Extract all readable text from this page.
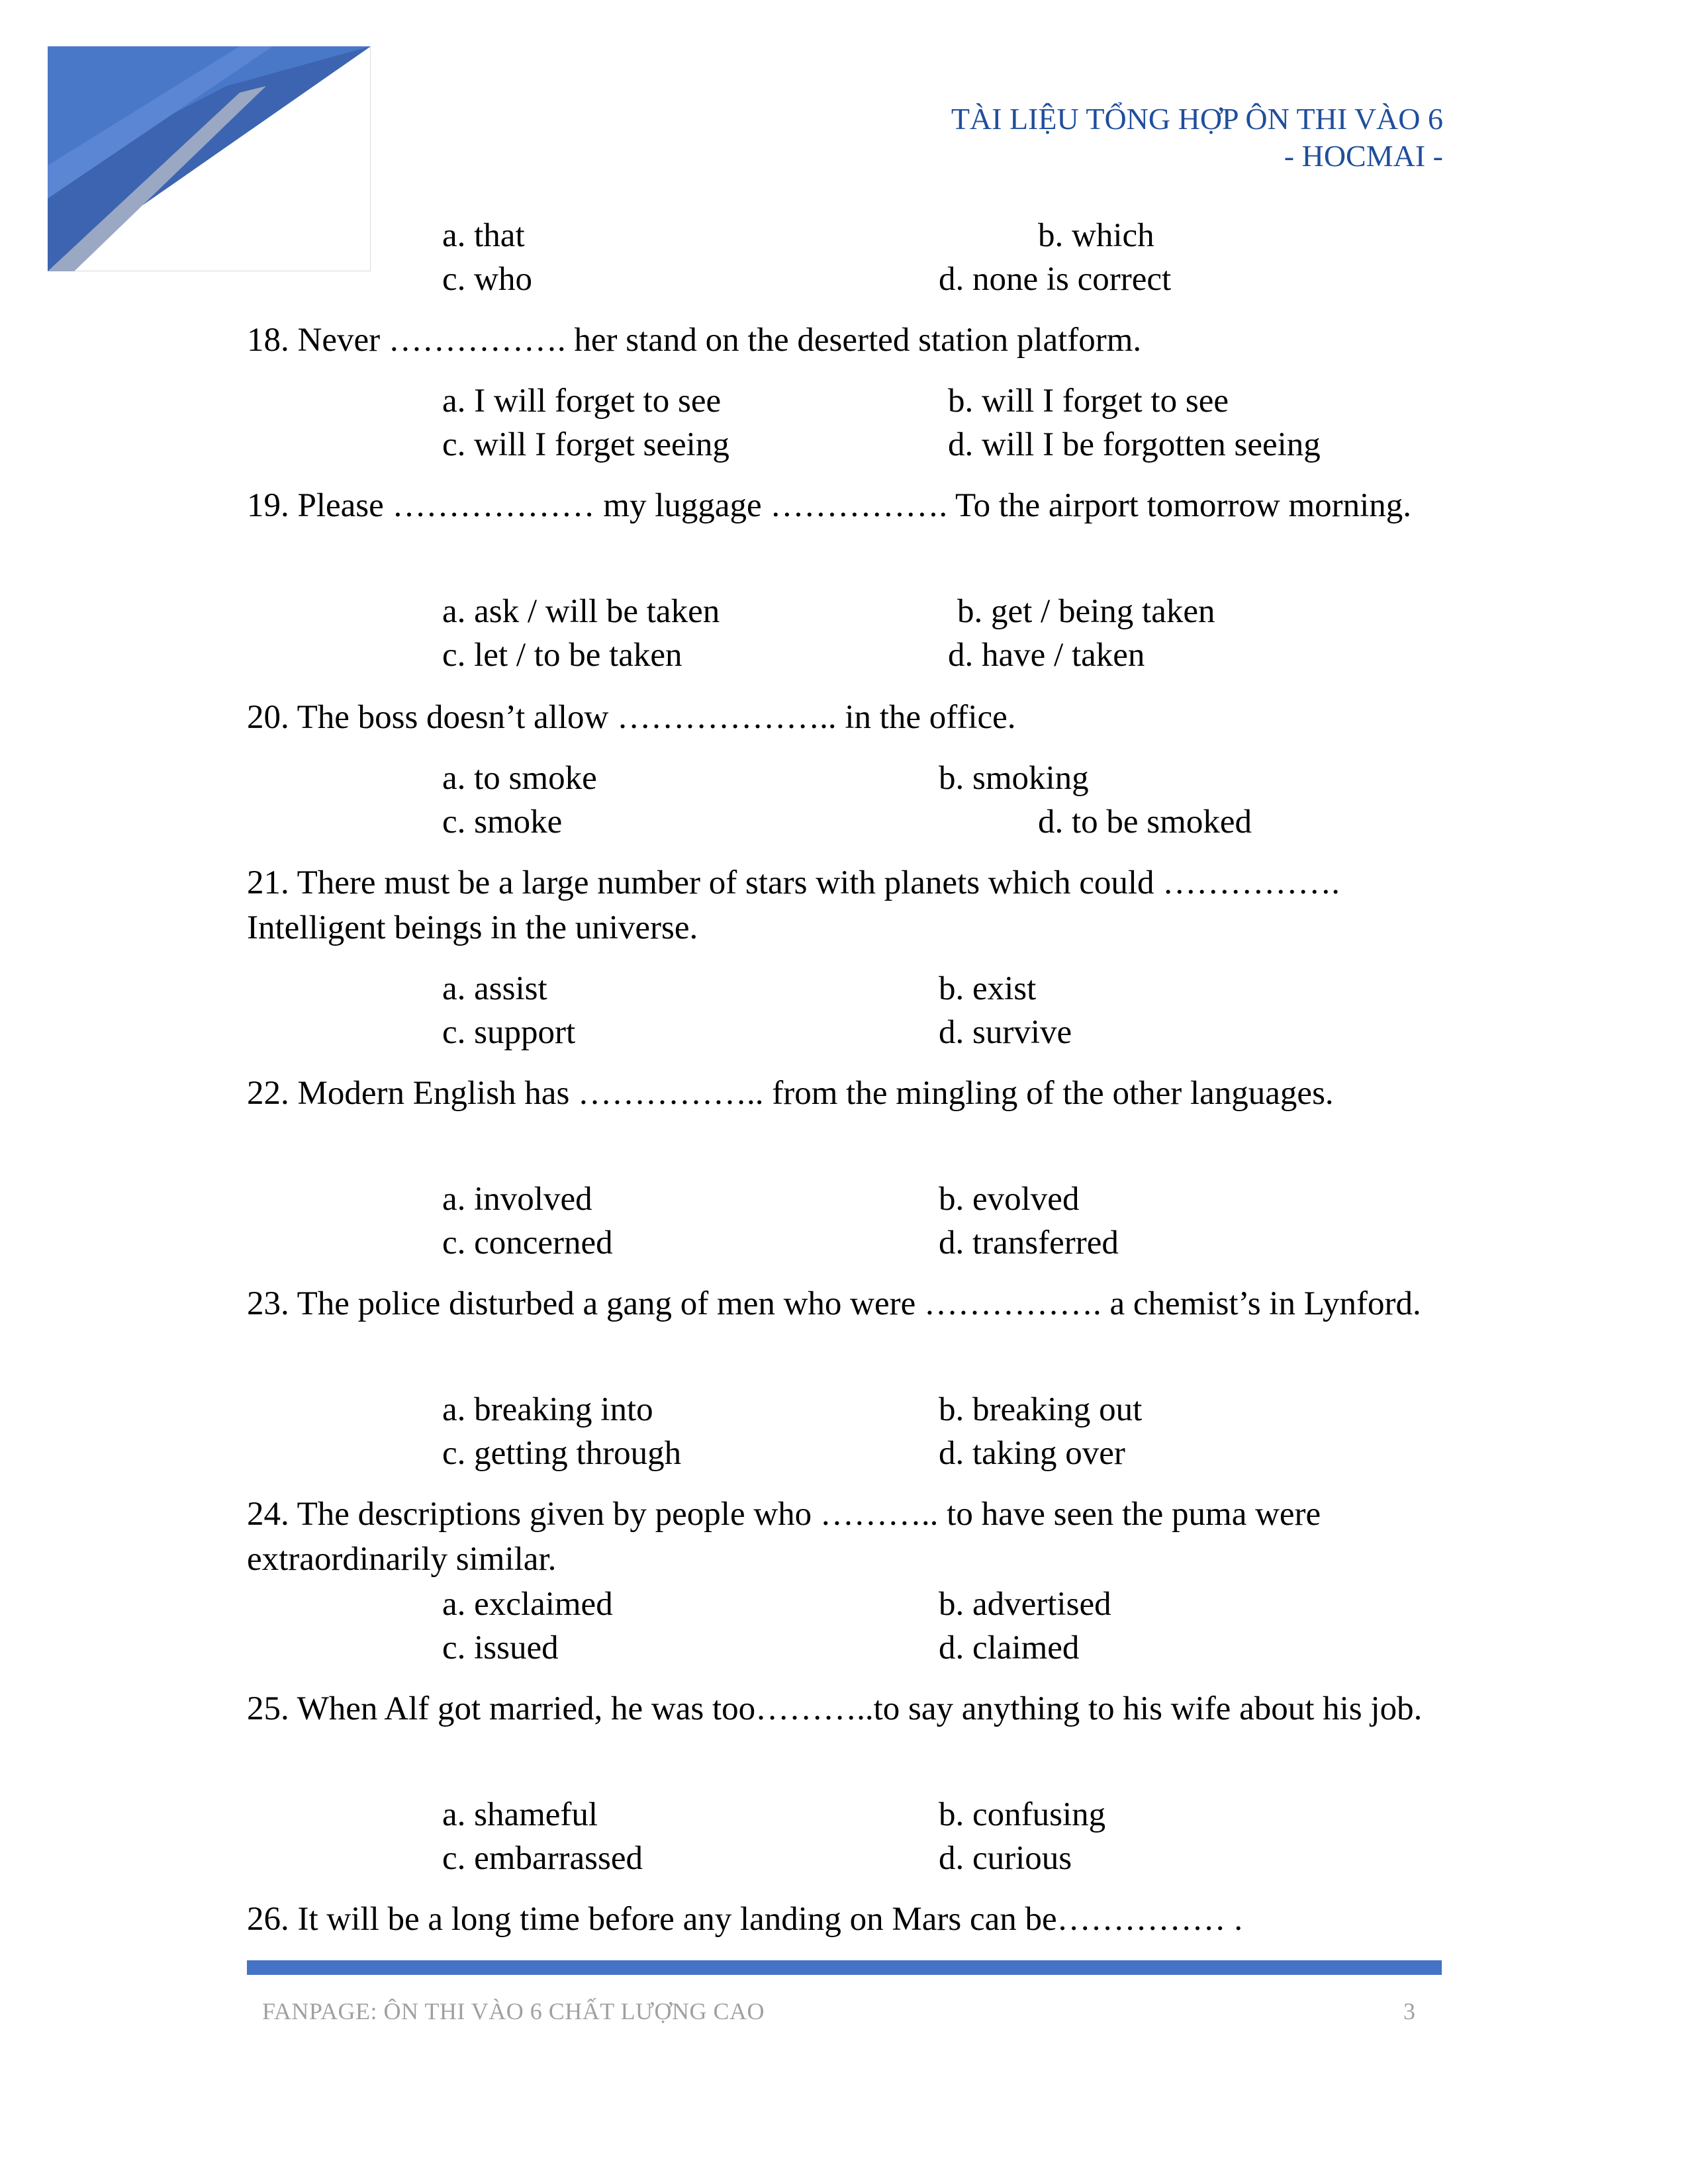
TÀI LIỆU TỔNG HỢP ÔN THI VÀO 6
- HOCMAI -
a. that	b. which
c. who	d. none is correct
18. Never ……………. her stand on the deserted station platform.
a. I will forget to see	b. will I forget to see
c. will I forget seeing	d. will I be forgotten seeing
19. Please ……………… my luggage ……………. To the airport tomorrow morning.
a. ask / will be taken	b. get / being taken
c. let / to be taken	d. have / taken
20. The boss doesn’t allow ……………….. in the office.
a. to smoke	b. smoking
c. smoke	d. to be smoked
21. There must be a large number of stars with planets which could ……………. Intelligent beings in the universe.
a. assist	b. exist
c. support	d. survive
22. Modern English has …………….. from the mingling of the other languages.
a. involved	b. evolved
c. concerned	d. transferred
23. The police disturbed a gang of men who were ……………. a chemist’s in Lynford.
a. breaking into	b. breaking out
c. getting through	d. taking over
24. The descriptions given by people who ……….. to have seen the puma were extraordinarily similar.
a. exclaimed	b. advertised
c. issued	d. claimed
25. When Alf got married, he was too………..to say anything to his wife about his job.
a. shameful	b. confusing
c. embarrassed	d. curious
26. It will be a long time before any landing on Mars can be…………… .
FANPAGE: ÔN THI VÀO 6 CHẤT LƯỢNG CAO	3
